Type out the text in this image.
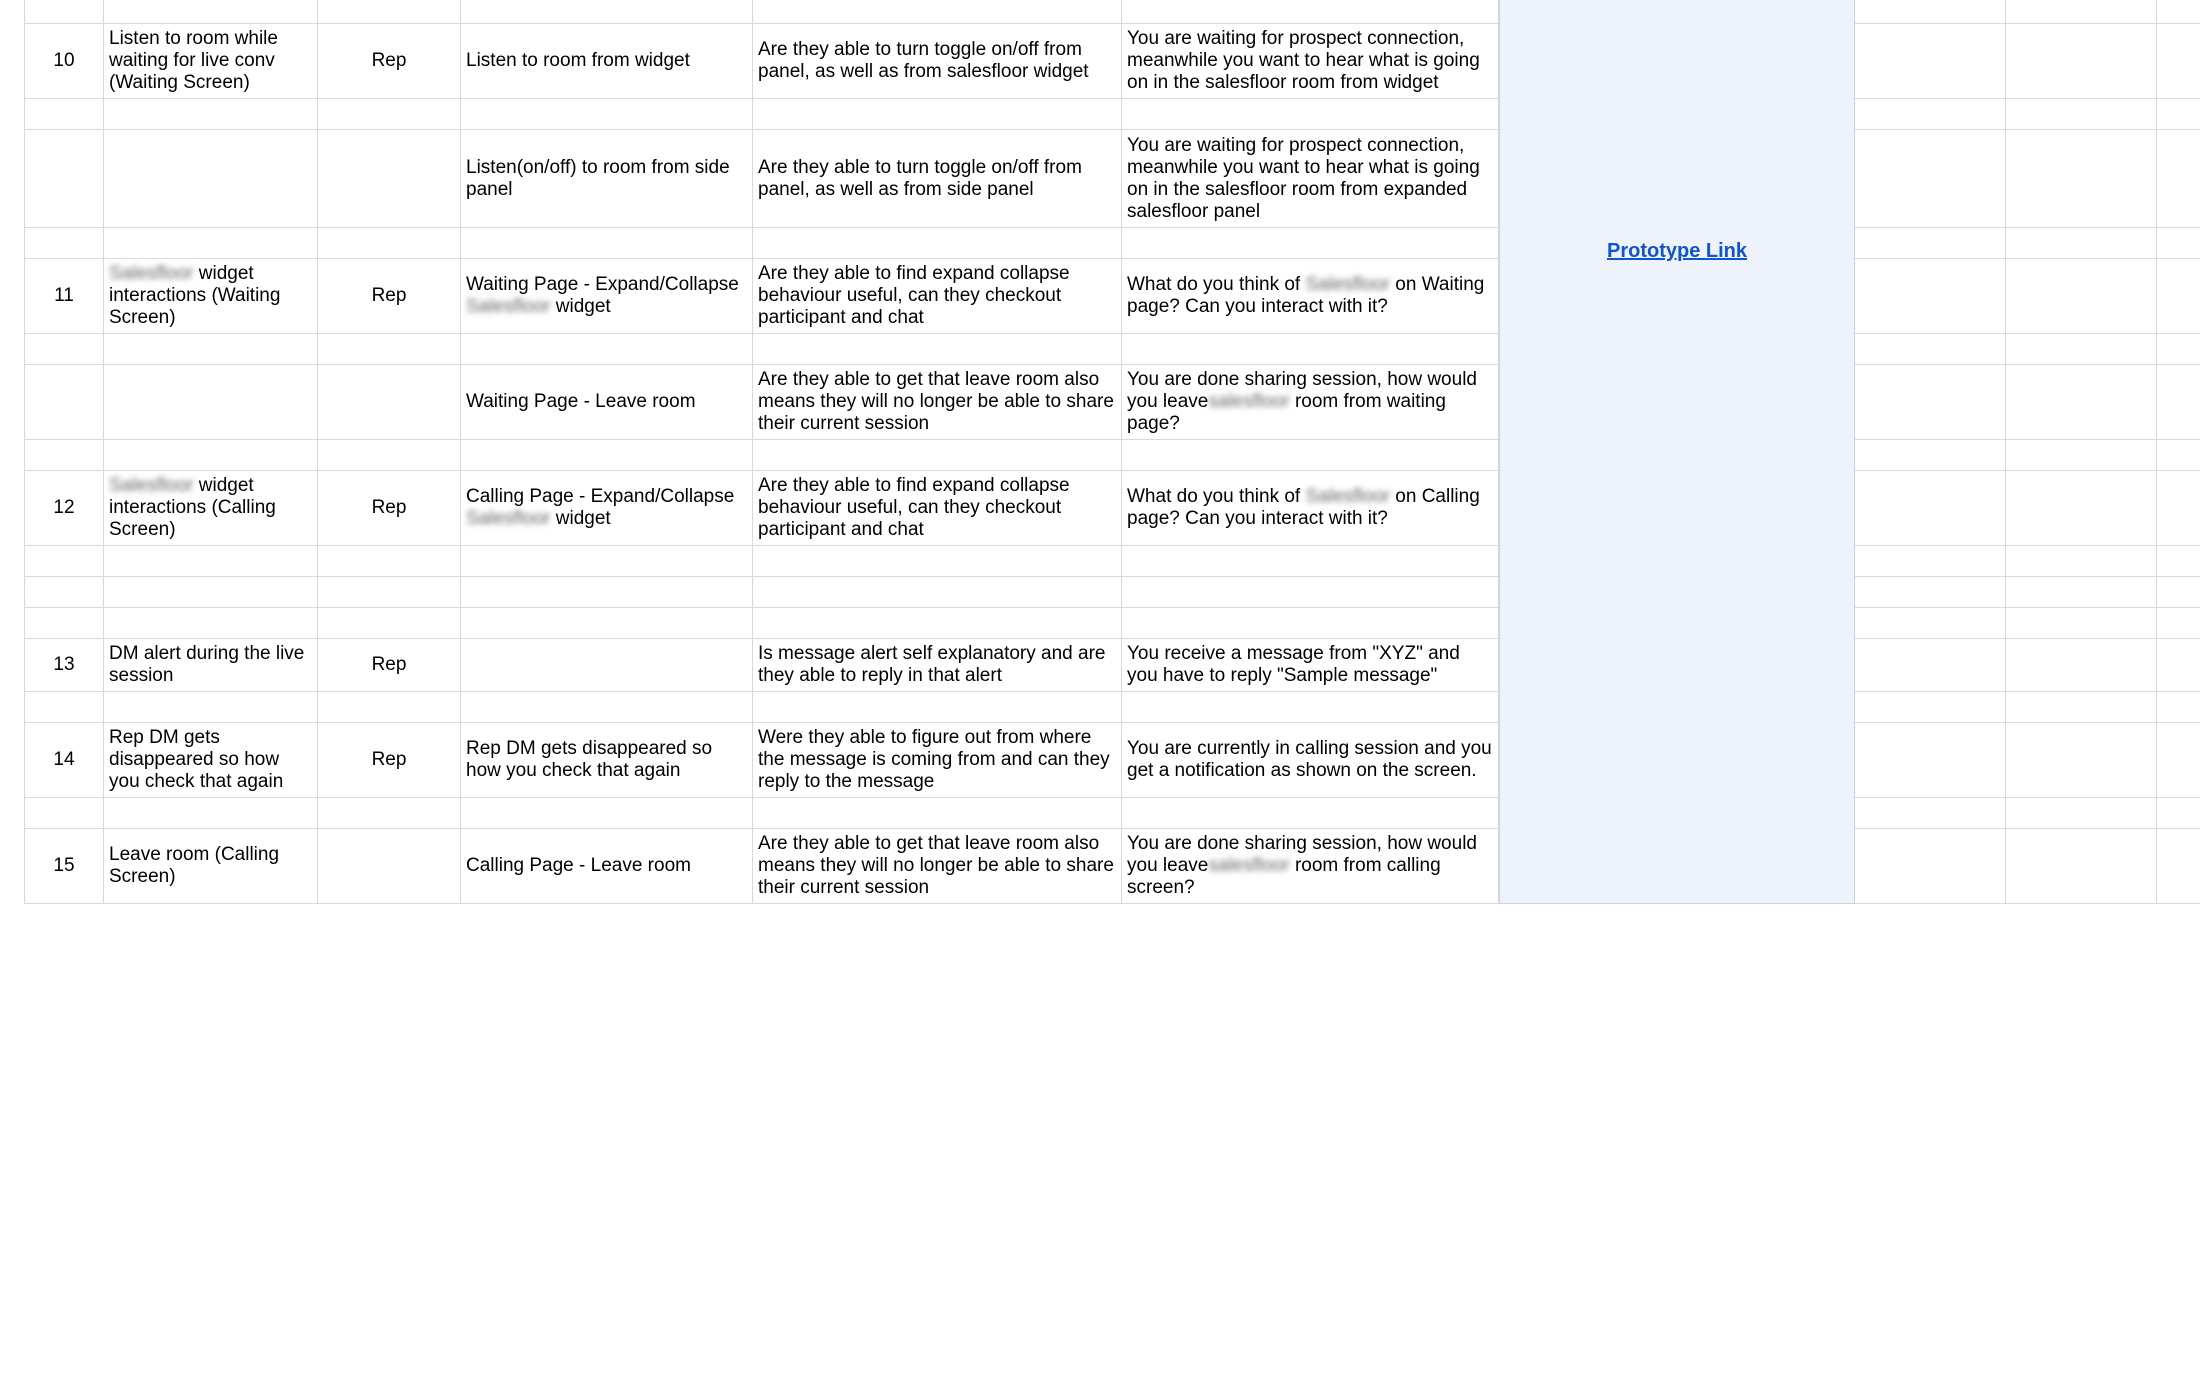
10
Listen to room while waiting for live conv (Waiting Screen)
Rep	Listen to room from widget
Are they able to turn toggle on/off from panel, as well as from salesfloor widget
You are waiting for prospect connection, meanwhile you want to hear what is going on in the salesfloor room from widget
Listen(on/off) to room from side panel
Are they able to turn toggle on/off from panel, as well as from side panel
You are waiting for prospect connection, meanwhile you want to hear what is going on in the salesfloor room from expanded salesfloor panel
11
Salesfloor widget interactions (Waiting Screen)
Rep
Waiting Page - Expand/Collapse
Salesfloor widget
Are they able to find expand collapse behaviour useful, can they checkout participant and chat
What do you think of Salesfloor on Waiting page? Can you interact with it?
Waiting Page - Leave room
Are they able to get that leave room also means they will no longer be able to share their current session
You are done sharing session, how would you leavesalesfloor room from waiting page?
12
Salesfloor widget interactions (Calling Screen)
Rep
Calling Page - Expand/Collapse
Salesfloor widget
Are they able to find expand collapse behaviour useful, can they checkout participant and chat
What do you think of Salesfloor on Calling page? Can you interact with it?
13
DM alert during the live session
Rep
Is message alert self explanatory and are they able to reply in that alert
You receive a message from "XYZ" and you have to reply "Sample message"
14
Rep DM gets disappeared so how you check that again
Rep
Rep DM gets disappeared so how you check that again
Were they able to figure out from where the message is coming from and can they reply to the message
You are currently in calling session and you get a notification as shown on the screen.
15
Leave room (Calling Screen)
Calling Page - Leave room
Are they able to get that leave room also means they will no longer be able to share their current session
You are done sharing session, how would you leavesalesfloor room from calling screen?
Prototype Link
